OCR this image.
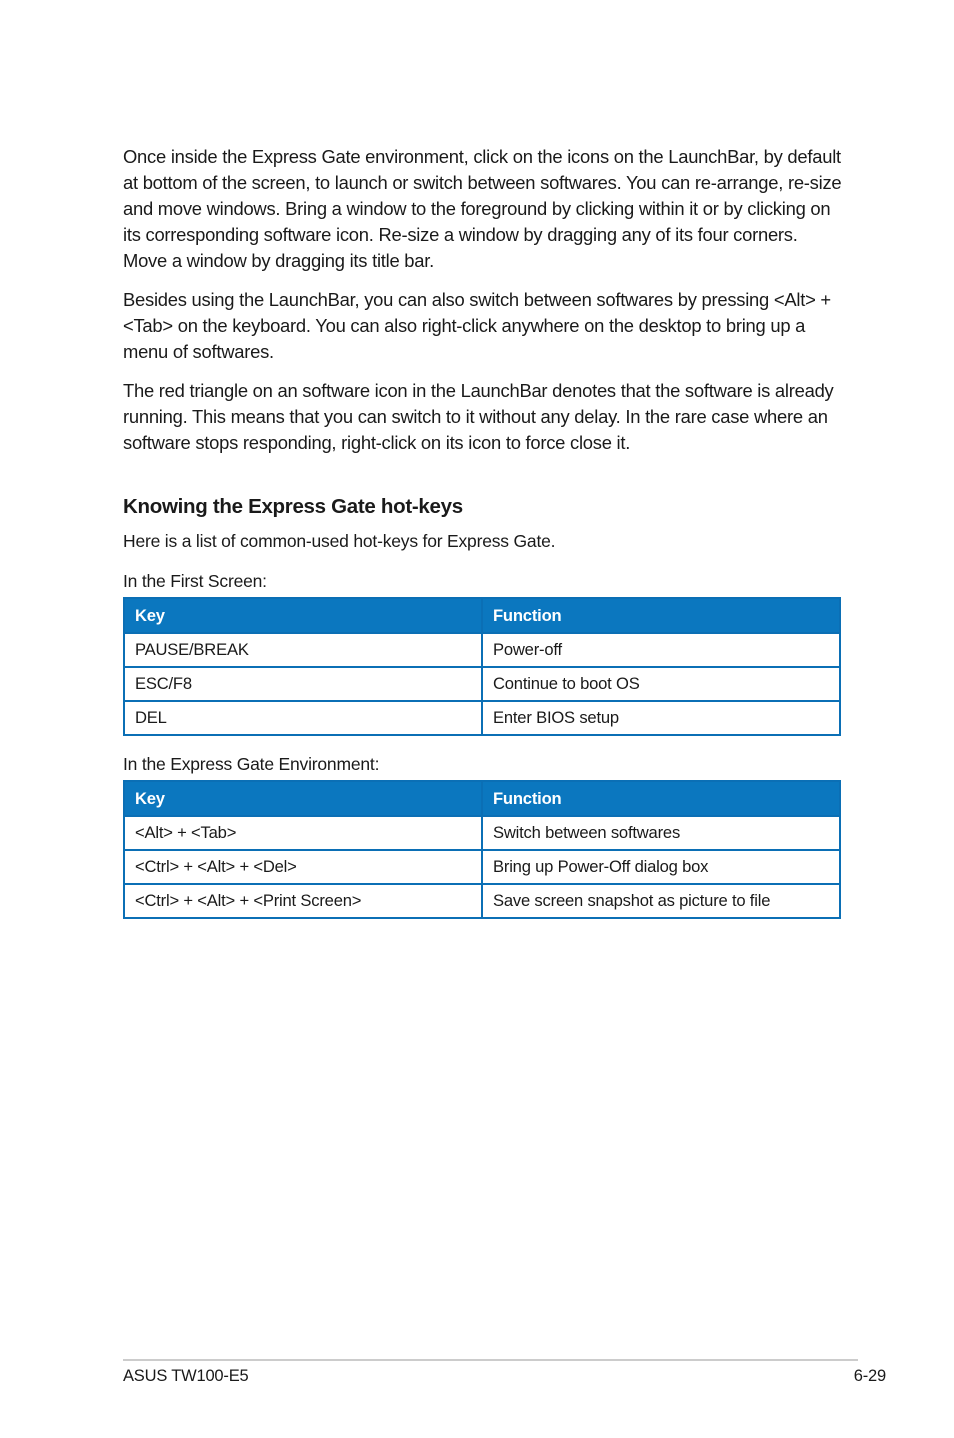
Once inside the Express Gate environment, click on the icons on the LaunchBar, by default at bottom of the screen, to launch or switch between softwares. You can re-arrange, re-size and move windows. Bring a window to the foreground by clicking within it or by clicking on its corresponding software icon. Re-size a window by dragging any of its four corners. Move a window by dragging its title bar.

Besides using the LaunchBar, you can also switch between softwares by pressing <Alt> +<Tab> on the keyboard. You can also right-click anywhere on the desktop to bring up a menu of softwares.

The red triangle on an software icon in the LaunchBar denotes that the software is already running. This means that you can switch to it without any delay. In the rare case where an software stops responding, right-click on its icon to force close it.

Knowing the Express Gate hot-keys

Here is a list of common-used hot-keys for Express Gate.

In the First Screen:

Key	Function
PAUSE/BREAK	Power-off
ESC/F8	Continue to boot OS
DEL	Enter BIOS setup

In the Express Gate Environment:

Key	Function
<Alt> + <Tab>	Switch between softwares
<Ctrl> + <Alt> + <Del>	Bring up Power-Off dialog box
<Ctrl> + <Alt> + <Print Screen>	Save screen snapshot as picture to file
ASUS TW100-E5	6-29
